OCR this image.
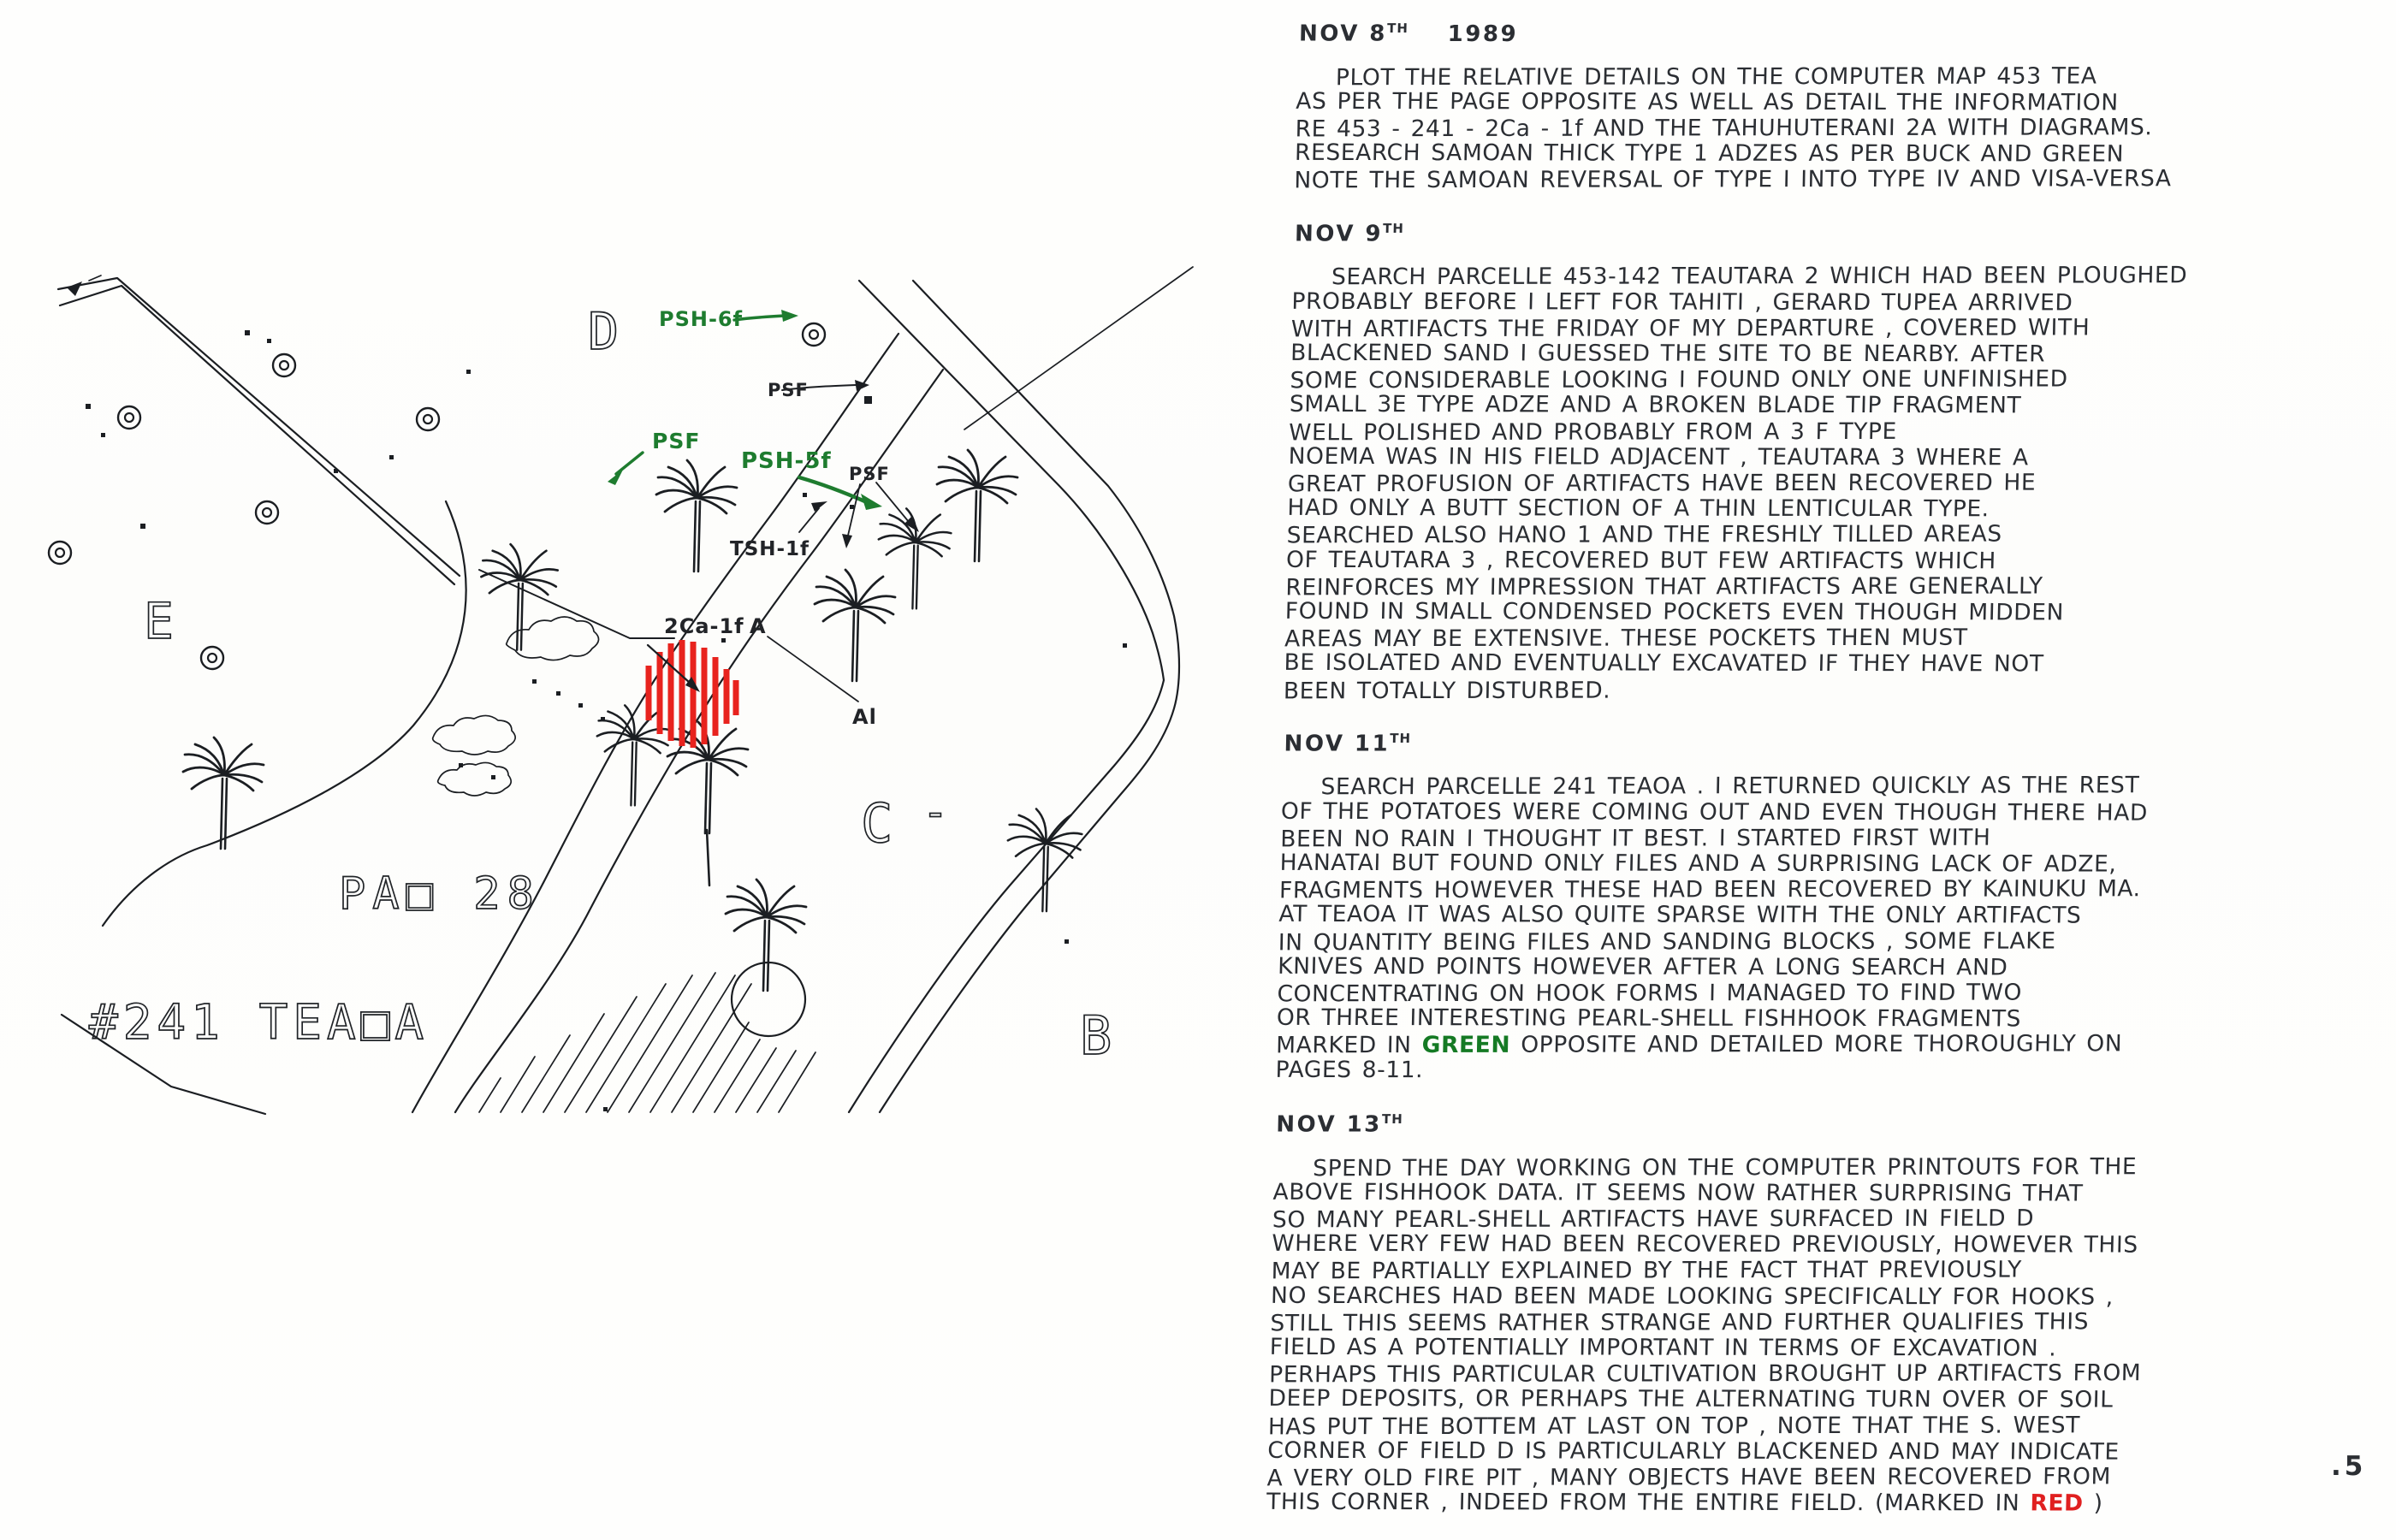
D
E
C -
B
PA□ 28
#241 TEA□A
PSH-6f
PSF
PSF
PSH-5f PSF
TSH-1f
2Ca-1f A
Al
NOV 8TH 1989
PLOT THE RELATIVE DETAILS ON THE COMPUTER MAP 453 TEA
AS PER THE PAGE OPPOSITE AS WELL AS DETAIL THE INFORMATION
RE 453 - 241 - 2Ca - 1f AND THE TAHUHUTERANI 2A WITH DIAGRAMS.
RESEARCH SAMOAN THICK TYPE 1 ADZES AS PER BUCK AND GREEN
NOTE THE SAMOAN REVERSAL OF TYPE I INTO TYPE IV AND VISA-VERSA
NOV 9TH
SEARCH PARCELLE 453-142 TEAUTARA 2 WHICH HAD BEEN PLOUGHED
PROBABLY BEFORE I LEFT FOR TAHITI , GERARD TUPEA ARRIVED
WITH ARTIFACTS THE FRIDAY OF MY DEPARTURE , COVERED WITH
BLACKENED SAND I GUESSED THE SITE TO BE NEARBY. AFTER
SOME CONSIDERABLE LOOKING I FOUND ONLY ONE UNFINISHED
SMALL 3E TYPE ADZE AND A BROKEN BLADE TIP FRAGMENT
WELL POLISHED AND PROBABLY FROM A 3 F TYPE
NOEMA WAS IN HIS FIELD ADJACENT , TEAUTARA 3 WHERE A
GREAT PROFUSION OF ARTIFACTS HAVE BEEN RECOVERED HE
HAD ONLY A BUTT SECTION OF A THIN LENTICULAR TYPE.
SEARCHED ALSO HANO 1 AND THE FRESHLY TILLED AREAS
OF TEAUTARA 3 , RECOVERED BUT FEW ARTIFACTS WHICH
REINFORCES MY IMPRESSION THAT ARTIFACTS ARE GENERALLY
FOUND IN SMALL CONDENSED POCKETS EVEN THOUGH MIDDEN
AREAS MAY BE EXTENSIVE. THESE POCKETS THEN MUST
BE ISOLATED AND EVENTUALLY EXCAVATED IF THEY HAVE NOT
BEEN TOTALLY DISTURBED.
NOV 11TH
SEARCH PARCELLE 241 TEAOA . I RETURNED QUICKLY AS THE REST
OF THE POTATOES WERE COMING OUT AND EVEN THOUGH THERE HAD
BEEN NO RAIN I THOUGHT IT BEST. I STARTED FIRST WITH
HANATAI BUT FOUND ONLY FILES AND A SURPRISING LACK OF ADZE,
FRAGMENTS HOWEVER THESE HAD BEEN RECOVERED BY KAINUKU MA.
AT TEAOA IT WAS ALSO QUITE SPARSE WITH THE ONLY ARTIFACTS
IN QUANTITY BEING FILES AND SANDING BLOCKS , SOME FLAKE
KNIVES AND POINTS HOWEVER AFTER A LONG SEARCH AND
CONCENTRATING ON HOOK FORMS I MANAGED TO FIND TWO
OR THREE INTERESTING PEARL-SHELL FISHHOOK FRAGMENTS
MARKED IN GREEN OPPOSITE AND DETAILED MORE THOROUGHLY ON
PAGES 8-11.
NOV 13TH
SPEND THE DAY WORKING ON THE COMPUTER PRINTOUTS FOR THE
ABOVE FISHHOOK DATA. IT SEEMS NOW RATHER SURPRISING THAT
SO MANY PEARL-SHELL ARTIFACTS HAVE SURFACED IN FIELD D
WHERE VERY FEW HAD BEEN RECOVERED PREVIOUSLY, HOWEVER THIS
MAY BE PARTIALLY EXPLAINED BY THE FACT THAT PREVIOUSLY
NO SEARCHES HAD BEEN MADE LOOKING SPECIFICALLY FOR HOOKS ,
STILL THIS SEEMS RATHER STRANGE AND FURTHER QUALIFIES THIS
FIELD AS A POTENTIALLY IMPORTANT IN TERMS OF EXCAVATION .
PERHAPS THIS PARTICULAR CULTIVATION BROUGHT UP ARTIFACTS FROM
DEEP DEPOSITS, OR PERHAPS THE ALTERNATING TURN OVER OF SOIL
HAS PUT THE BOTTEM AT LAST ON TOP , NOTE THAT THE S. WEST
CORNER OF FIELD D IS PARTICULARLY BLACKENED AND MAY INDICATE
A VERY OLD FIRE PIT , MANY OBJECTS HAVE BEEN RECOVERED FROM
THIS CORNER , INDEED FROM THE ENTIRE FIELD. (MARKED IN RED )
.5
